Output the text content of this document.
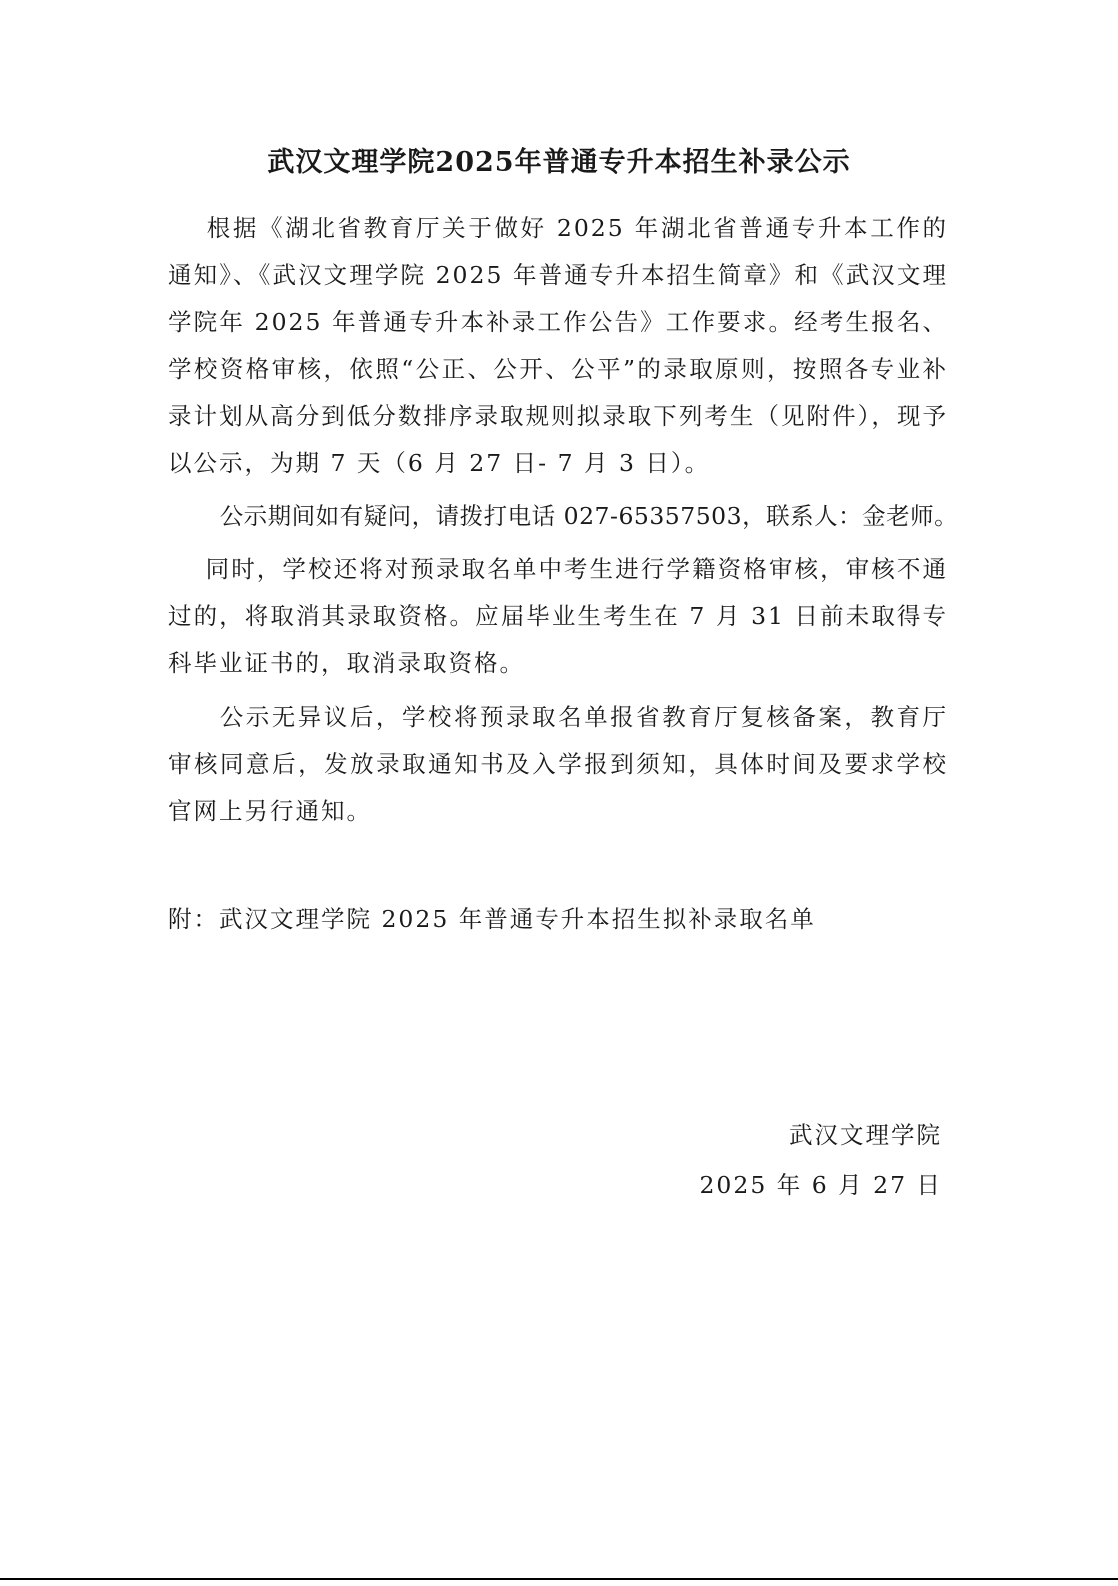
武汉文理学院2025年普通专升本招生补录公示

根据《湖北省教育厅关于做好 2025 年湖北省普通专升本工作的通知》、《武汉文理学院 2025 年普通专升本招生简章》和《武汉文理学院年 2025 年普通专升本补录工作公告》工作要求。经考生报名、学校资格审核，依照“公正、公开、公平”的录取原则，按照各专业补录计划从高分到低分数排序录取规则拟录取下列考生（见附件），现予以公示，为期 7 天（6 月 27 日- 7 月 3 日）。

公示期间如有疑问，请拨打电话 027-65357503，联系人：金老师。

同时，学校还将对预录取名单中考生进行学籍资格审核，审核不通过的，将取消其录取资格。应届毕业生考生在 7 月 31 日前未取得专科毕业证书的，取消录取资格。

公示无异议后，学校将预录取名单报省教育厅复核备案，教育厅审核同意后，发放录取通知书及入学报到须知，具体时间及要求学校官网上另行通知。

附：武汉文理学院 2025 年普通专升本招生拟补录取名单
武汉文理学院
2025 年 6 月 27 日
